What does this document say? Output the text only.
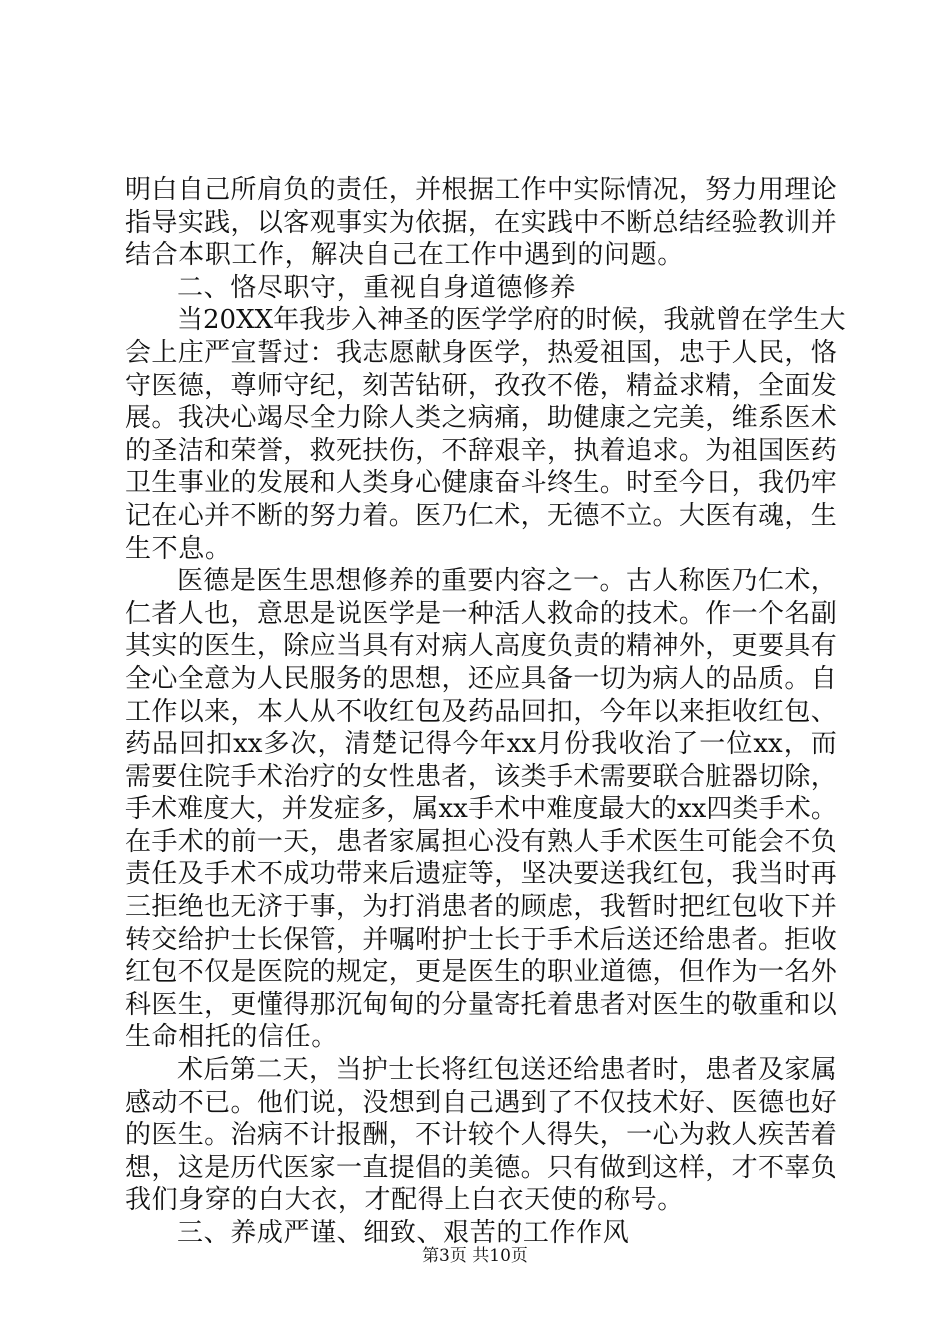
明 白 自 己 所 肩 负 的 责 任 ， 并 根 据 工 作 中 实 际 情 况 ， 努 力 用 理 论
指 导 实 践 ， 以 客 观 事 实 为 依 据 ， 在 实 践 中 不 断 总 结 经 验 教 训 并
结 合 本 职 工 作 ， 解 决 自 己 在 工 作 中 遇 到 的 问 题 。
二 、 恪 尽 职 守 ， 重 视 自 身 道 德 修 养
当 20XX 年 我 步 入 神 圣 的 医 学 学 府 的 时 候 ， 我 就 曾 在 学 生 大
会 上 庄 严 宣 誓 过 ： 我 志 愿 献 身 医 学 ， 热 爱 祖 国 ， 忠 于 人 民 ， 恪
守 医 德 ， 尊 师 守 纪 ， 刻 苦 钻 研 ， 孜 孜 不 倦 ， 精 益 求 精 ， 全 面 发
展 。 我 决 心 竭 尽 全 力 除 人 类 之 病 痛 ， 助 健 康 之 完 美 ， 维 系 医 术
的 圣 洁 和 荣 誉 ， 救 死 扶 伤 ， 不 辞 艰 辛 ， 执 着 追 求 。 为 祖 国 医 药
卫 生 事 业 的 发 展 和 人 类 身 心 健 康 奋 斗 终 生 。 时 至 今 日 ， 我 仍 牢
记 在 心 并 不 断 的 努 力 着 。 医 乃 仁 术 ， 无 德 不 立 。 大 医 有 魂 ， 生
生 不 息 。
医 德 是 医 生 思 想 修 养 的 重 要 内 容 之 一 。 古 人 称 医 乃 仁 术 ，
仁 者 人 也 ， 意 思 是 说 医 学 是 一 种 活 人 救 命 的 技 术 。 作 一 个 名 副
其 实 的 医 生 ， 除 应 当 具 有 对 病 人 高 度 负 责 的 精 神 外 ， 更 要 具 有
全 心 全 意 为 人 民 服 务 的 思 想 ， 还 应 具 备 一 切 为 病 人 的 品 质 。 自
工 作 以 来 ， 本 人 从 不 收 红 包 及 药 品 回 扣 ， 今 年 以 来 拒 收 红 包 、
药 品 回 扣 xx 多 次 ， 清 楚 记 得 今 年 xx 月 份 我 收 治 了 一 位 xx ， 而
需 要 住 院 手 术 治 疗 的 女 性 患 者 ， 该 类 手 术 需 要 联 合 脏 器 切 除 ，
手 术 难 度 大 ， 并 发 症 多 ， 属 xx 手 术 中 难 度 最 大 的 xx 四 类 手 术 。
在 手 术 的 前 一 天 ， 患 者 家 属 担 心 没 有 熟 人 手 术 医 生 可 能 会 不 负
责 任 及 手 术 不 成 功 带 来 后 遗 症 等 ， 坚 决 要 送 我 红 包 ， 我 当 时 再
三 拒 绝 也 无 济 于 事 ， 为 打 消 患 者 的 顾 虑 ， 我 暂 时 把 红 包 收 下 并
转 交 给 护 士 长 保 管 ， 并 嘱 咐 护 士 长 于 手 术 后 送 还 给 患 者 。 拒 收
红 包 不 仅 是 医 院 的 规 定 ， 更 是 医 生 的 职 业 道 德 ， 但 作 为 一 名 外
科 医 生 ， 更 懂 得 那 沉 甸 甸 的 分 量 寄 托 着 患 者 对 医 生 的 敬 重 和 以
生 命 相 托 的 信 任 。
术 后 第 二 天 ， 当 护 士 长 将 红 包 送 还 给 患 者 时 ， 患 者 及 家 属
感 动 不 已 。 他 们 说 ， 没 想 到 自 己 遇 到 了 不 仅 技 术 好 、 医 德 也 好
的 医 生 。 治 病 不 计 报 酬 ， 不 计 较 个 人 得 失 ， 一 心 为 救 人 疾 苦 着
想 ， 这 是 历 代 医 家 一 直 提 倡 的 美 德 。 只 有 做 到 这 样 ， 才 不 辜 负
我 们 身 穿 的 白 大 衣 ， 才 配 得 上 白 衣 天 使 的 称 号 。
三 、 养 成 严 谨 、 细 致 、 艰 苦 的 工 作 作 风
第3页 共10页
